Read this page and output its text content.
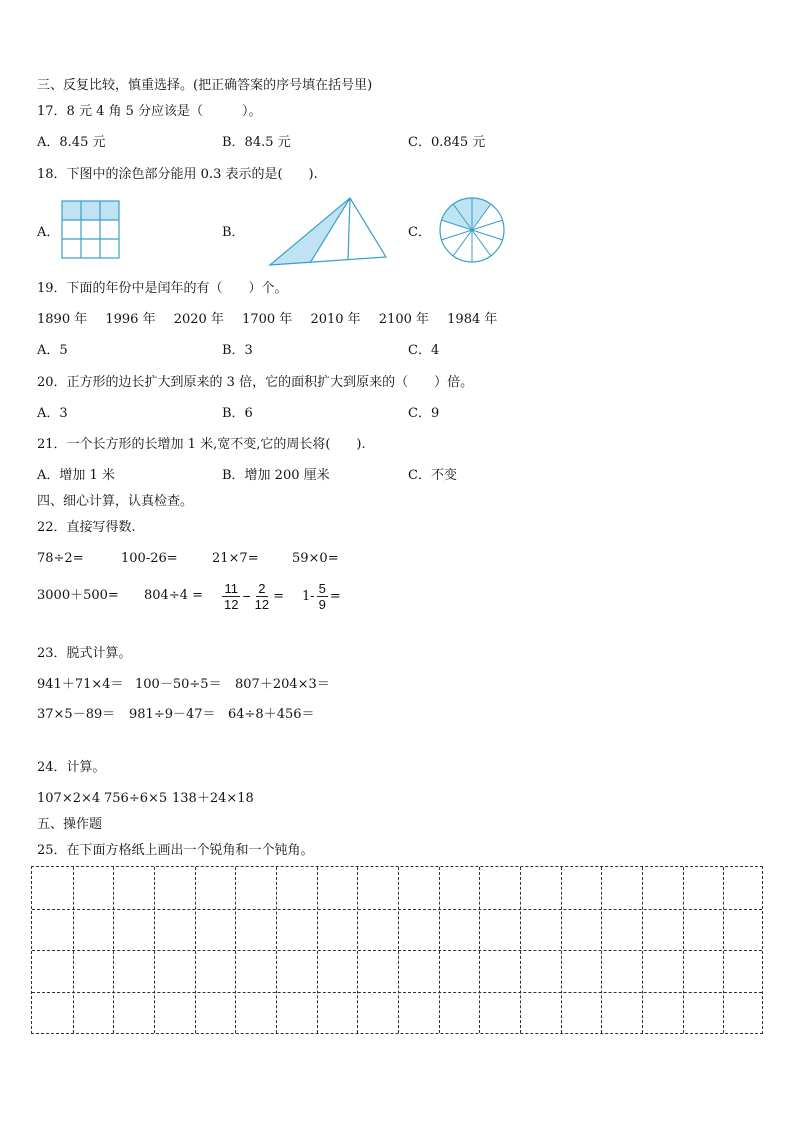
三、反复比较，慎重选择。(把正确答案的序号填在括号里)
17．8 元 4 角 5 分应该是（　　　）。
A．8.45 元	B．84.5 元	C．0.845 元
18．下图中的涂色部分能用 0.3 表示的是(　　).
A．	B．	C．
19．下面的年份中是闰年的有（　　）个。
1890 年 1996 年 2020 年 1700 年 2010 年 2100 年 1984 年
A．5	B．3	C．4
20．正方形的边长扩大到原来的 3 倍，它的面积扩大到原来的（　　）倍。
A．3	B．6	C．9
21．一个长方形的长增加 1 米,宽不变,它的周长将(　　).
A．增加 1 米	B．增加 200 厘米	C．不变
四、细心计算，认真检查。
22．直接写得数.
78÷2=	100-26=	21×7=	59×0=
$3000+500= 804\div 4 = \frac{11}{12} - \frac{2}{12} = 1- \frac{5}{9}$ =
23．脱式计算。
941＋71×4＝ 100－50÷5＝ 807＋204×3＝
37×5－89＝ 981÷9－47＝ 64÷8＋456＝
24．计算。
107×2×4 756÷6×5 138＋24×18
五、操作题
25．在下面方格纸上画出一个锐角和一个钝角。
